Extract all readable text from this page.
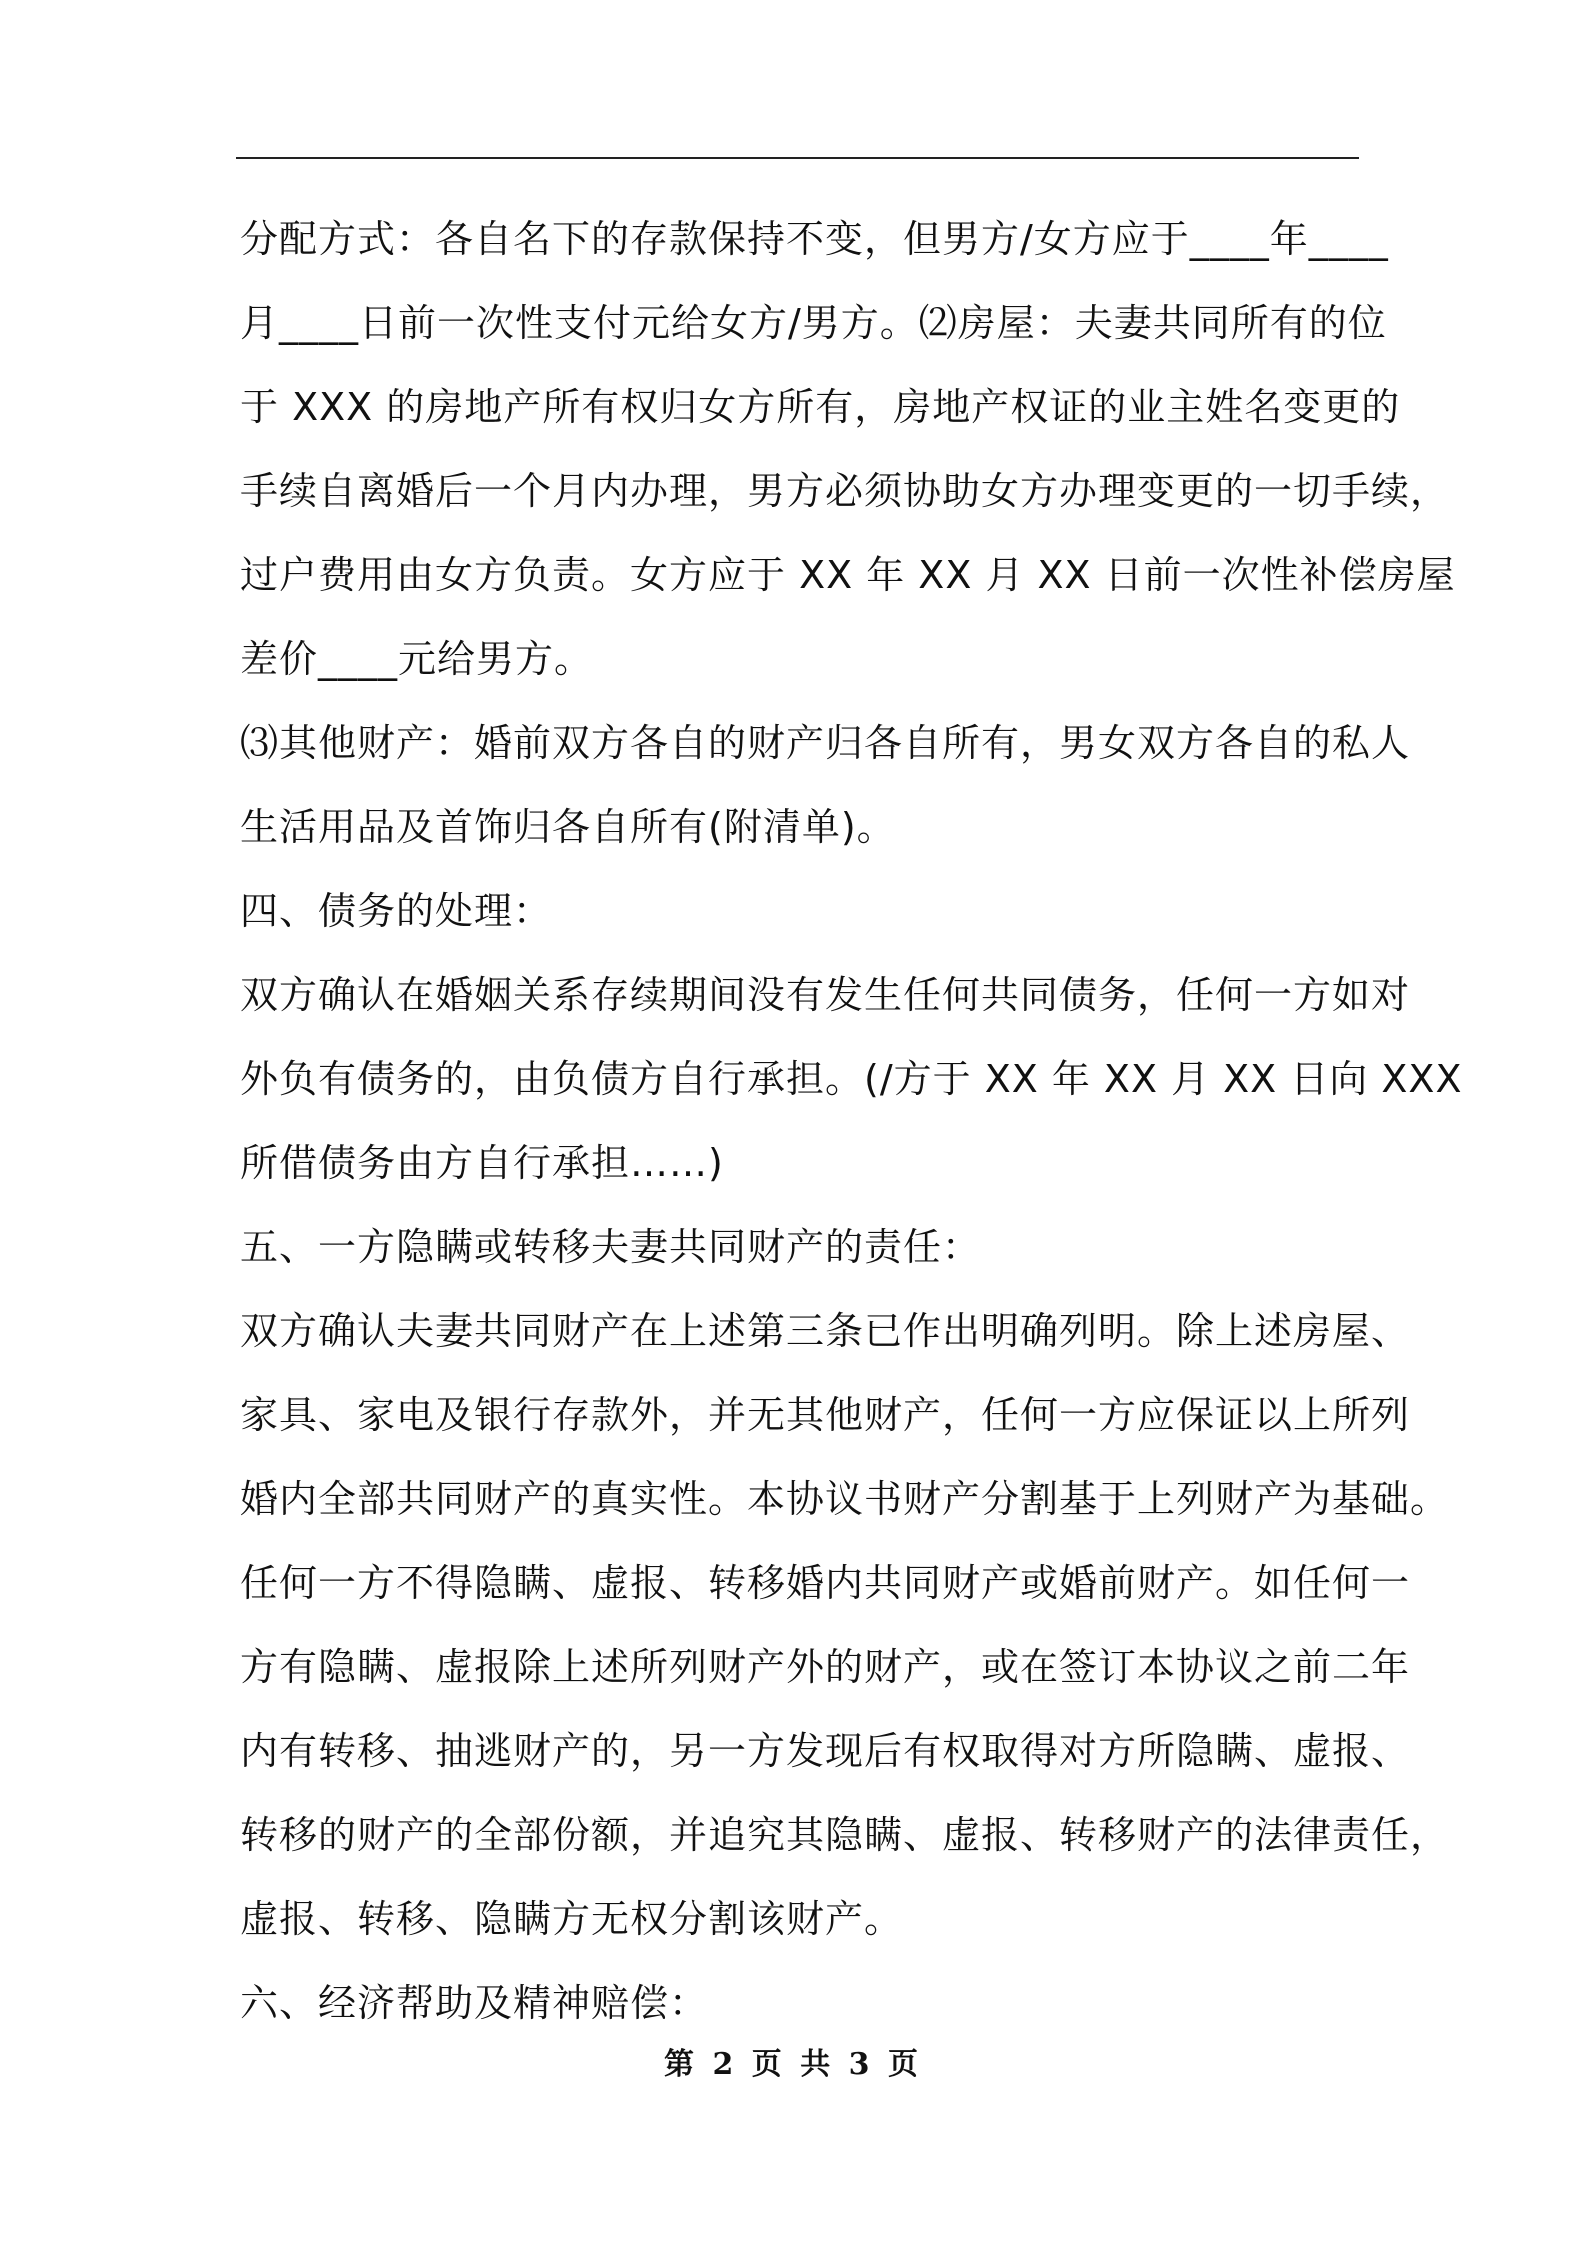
分配方式：各自名下的存款保持不变，但男方/女方应于____年____
月____日前一次性支付元给女方/男方。⑵房屋：夫妻共同所有的位
于 XXX 的房地产所有权归女方所有，房地产权证的业主姓名变更的
手续自离婚后一个月内办理，男方必须协助女方办理变更的一切手续，
过户费用由女方负责。女方应于 XX 年 XX 月 XX 日前一次性补偿房屋
差价____元给男方。
⑶其他财产：婚前双方各自的财产归各自所有，男女双方各自的私人
生活用品及首饰归各自所有(附清单)。
四、债务的处理：
双方确认在婚姻关系存续期间没有发生任何共同债务，任何一方如对
外负有债务的，由负债方自行承担。(/方于 XX 年 XX 月 XX 日向 XXX
所借债务由方自行承担……)
五、一方隐瞒或转移夫妻共同财产的责任：
双方确认夫妻共同财产在上述第三条已作出明确列明。除上述房屋、
家具、家电及银行存款外，并无其他财产，任何一方应保证以上所列
婚内全部共同财产的真实性。本协议书财产分割基于上列财产为基础。
任何一方不得隐瞒、虚报、转移婚内共同财产或婚前财产。如任何一
方有隐瞒、虚报除上述所列财产外的财产，或在签订本协议之前二年
内有转移、抽逃财产的，另一方发现后有权取得对方所隐瞒、虚报、
转移的财产的全部份额，并追究其隐瞒、虚报、转移财产的法律责任，
虚报、转移、隐瞒方无权分割该财产。
六、经济帮助及精神赔偿：
第 2 页 共 3 页
